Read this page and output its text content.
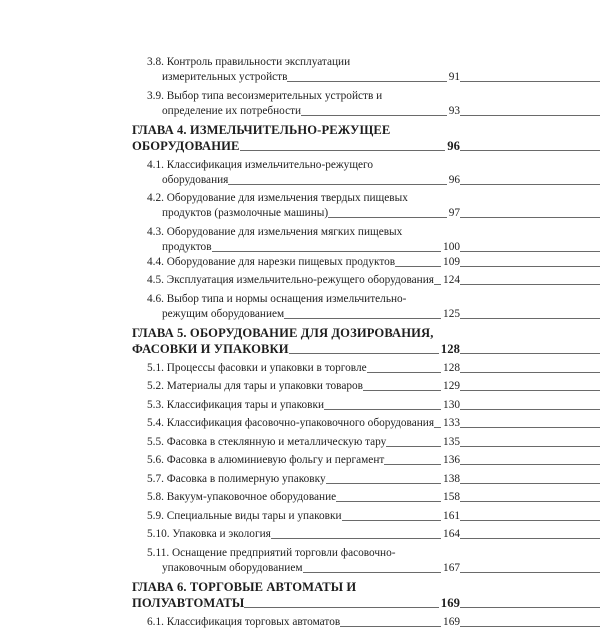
3.8. Контроль правильности эксплуатации
измерительных устройств	91
3.9. Выбор типа весоизмерительных устройств и
определение их потребности	93
ГЛАВА 4. ИЗМЕЛЬЧИТЕЛЬНО-РЕЖУЩЕЕ
ОБОРУДОВАНИЕ	96
4.1. Классификация измельчительно-режущего
оборудования	96
4.2. Оборудование для измельчения твердых пищевых
продуктов (размолочные машины)	97
4.3. Оборудование для измельчения мягких пищевых
продуктов	100
4.4. Оборудование для нарезки пищевых продуктов	109
4.5. Эксплуатация измельчительно-режущего оборудования 124
4.6. Выбор типа и нормы оснащения измельчительно-
режущим оборудованием	125
ГЛАВА 5. ОБОРУДОВАНИЕ ДЛЯ ДОЗИРОВАНИЯ,
ФАСОВКИ И УПАКОВКИ	128
5.1. Процессы фасовки и упаковки в торговле	128
5.2. Материалы для тары и упаковки товаров	129
5.3. Классификация тары и упаковки	130
5.4. Классификация фасовочно-упаковочного оборудования 133
5.5. Фасовка в стеклянную и металлическую тару	135
5.6. Фасовка в алюминиевую фольгу и пергамент	136
5.7. Фасовка в полимерную упаковку	138
5.8. Вакуум-упаковочное оборудование	158
5.9. Специальные виды тары и упаковки	161
5.10. Упаковка и экология	164
5.11. Оснащение предприятий торговли фасовочно-
упаковочным оборудованием	167
ГЛАВА 6. ТОРГОВЫЕ АВТОМАТЫ И
ПОЛУАВТОМАТЫ	169
6.1. Классификация торговых автоматов	169
